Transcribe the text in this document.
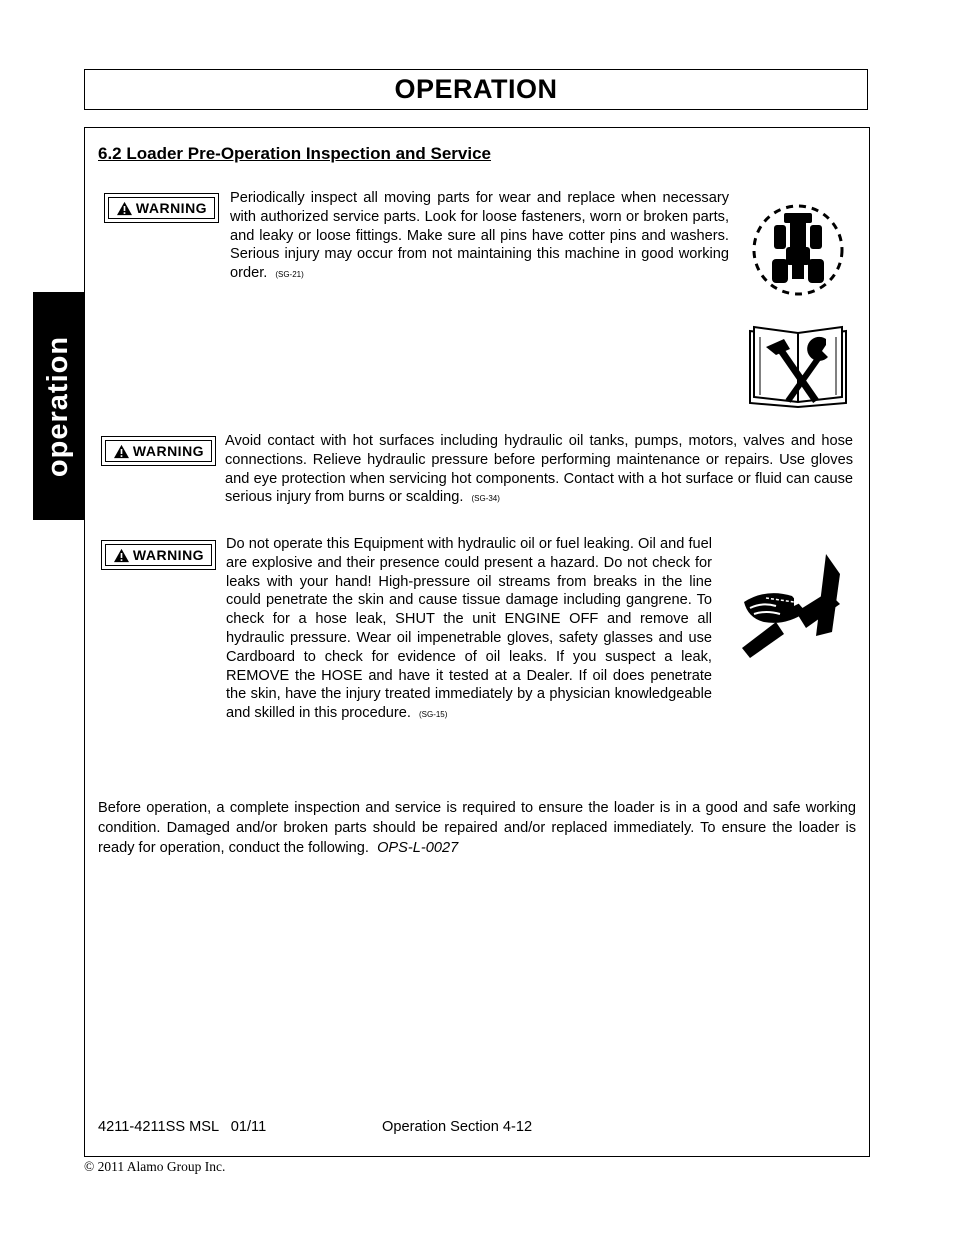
OPERATION
operation
6.2 Loader Pre-Operation Inspection and Service
WARNING
Periodically inspect all moving parts for wear and replace when necessary with authorized service parts. Look for loose fasteners, worn or broken parts, and leaky or loose fittings. Make sure all pins have cotter pins and washers. Serious injury may occur from not maintaining this machine in good working order. (SG-21)
WARNING
Avoid contact with hot surfaces including hydraulic oil tanks, pumps, motors, valves and hose connections. Relieve hydraulic pressure before performing maintenance or repairs. Use gloves and eye protection when servicing hot components. Contact with a hot surface or fluid can cause serious injury from burns or scalding. (SG-34)
WARNING
Do not operate this Equipment with hydraulic oil or fuel leaking. Oil and fuel are explosive and their presence could present a hazard. Do not check for leaks with your hand! High-pressure oil streams from breaks in the line could penetrate the skin and cause tissue damage including gangrene. To check for a hose leak, SHUT the unit ENGINE OFF and remove all hydraulic pressure. Wear oil impenetrable gloves, safety glasses and use Cardboard to check for evidence of oil leaks. If you suspect a leak, REMOVE the HOSE and have it tested at a Dealer. If oil does penetrate the skin, have the injury treated immediately by a physician knowledgeable and skilled in this procedure. (SG-15)
Before operation, a complete inspection and service is required to ensure the loader is in a good and safe working condition. Damaged and/or broken parts should be repaired and/or replaced immediately. To ensure the loader is ready for operation, conduct the following. OPS-L-0027
4211-4211SS MSL   01/11	Operation Section 4-12
© 2011 Alamo Group Inc.
